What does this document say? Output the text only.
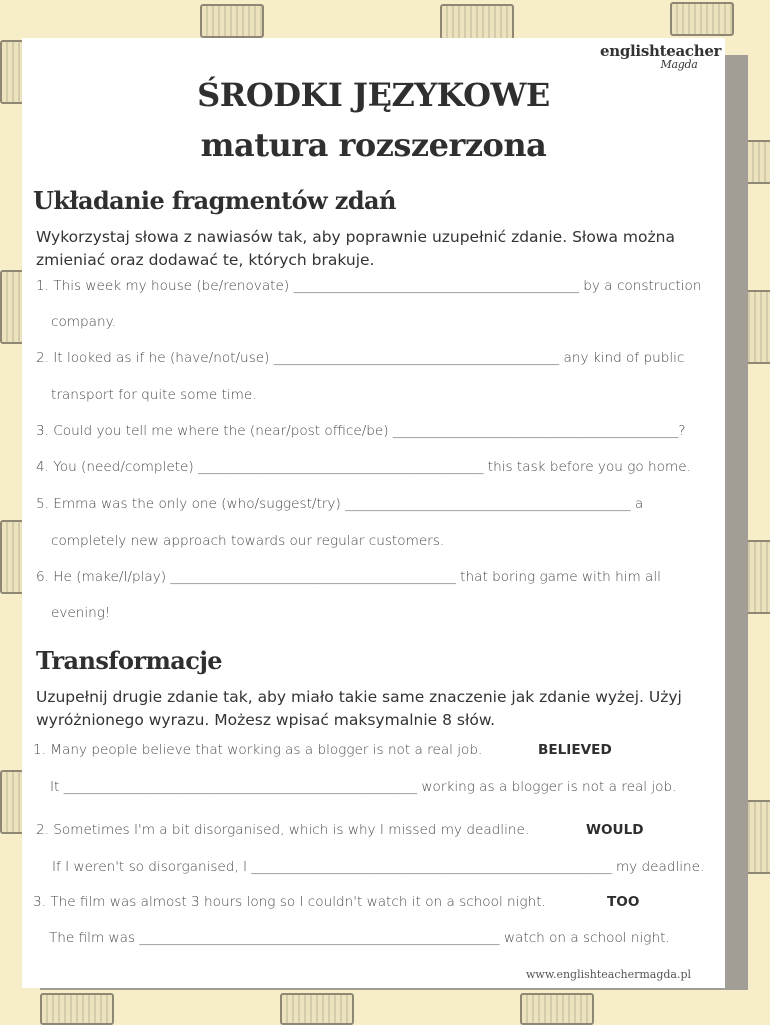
englishteacher
Magda
ŚRODKI JĘZYKOWE
matura rozszerzona
Układanie fragmentów zdań
Wykorzystaj słowa z nawiasów tak, aby poprawnie uzupełnić zdanie. Słowa można zmieniać oraz dodawać te, których brakuje.
1. This week my house (be/renovate) __________________________________________ by a construction
company.
2. It looked as if he (have/not/use) __________________________________________ any kind of public
transport for quite some time.
3. Could you tell me where the (near/post office/be) __________________________________________?
4. You (need/complete) __________________________________________ this task before you go home.
5. Emma was the only one (who/suggest/try) __________________________________________ a
completely new approach towards our regular customers.
6. He (make/I/play) __________________________________________ that boring game with him all
evening!
Transformacje
Uzupełnij drugie zdanie tak, aby miało takie same znaczenie jak zdanie wyżej. Użyj wyróżnionego wyrazu. Możesz wpisać maksymalnie 8 słów.
1. Many people believe that working as a blogger is not a real job.	BELIEVED
It ____________________________________________________ working as a blogger is not a real job.
2. Sometimes I'm a bit disorganised, which is why I missed my deadline.	WOULD
If I weren't so disorganised, I _____________________________________________________ my deadline.
3. The film was almost 3 hours long so I couldn't watch it on a school night.	TOO
The film was _____________________________________________________ watch on a school night.
www.englishteachermagda.pl
